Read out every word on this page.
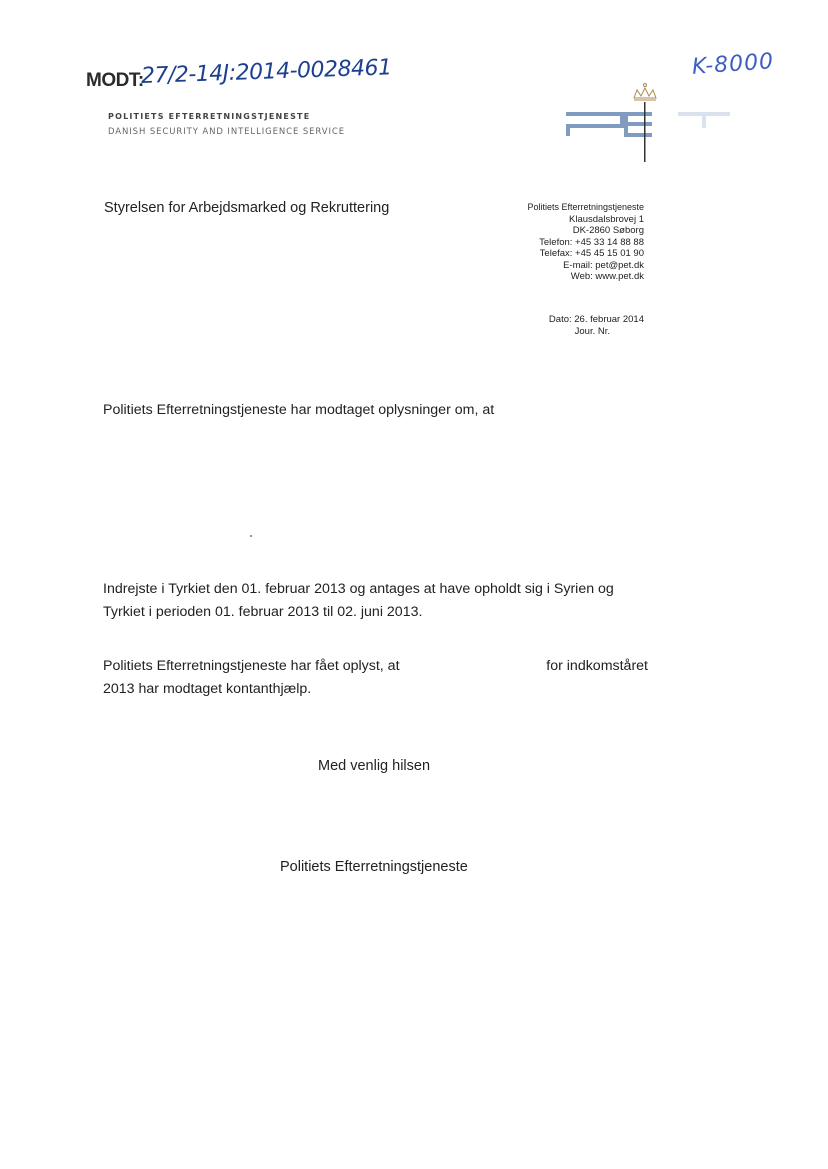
MODT:
27/2-14J:2014-0028461	K-8000
POLITIETS EFTERRETNINGSTJENESTE
DANISH SECURITY AND INTELLIGENCE SERVICE
Styrelsen for Arbejdsmarked og Rekruttering	Politiets Efterretningstjeneste
Klausdalsbrovej 1
DK-2860 Søborg
Telefon: +45 33 14 88 88
Telefax: +45 45 15 01 90
E-mail: pet@pet.dk
Web: www.pet.dk
Dato: 26. februar 2014
Jour. Nr.
Politiets Efterretningstjeneste har modtaget oplysninger om, at
Indrejste i Tyrkiet den 01. februar 2013 og antages at have opholdt sig i Syrien og Tyrkiet i perioden 01. februar 2013 til 02. juni 2013.
Politiets Efterretningstjeneste har fået oplyst, at	for indkomståret
2013 har modtaget kontanthjælp.
Med venlig hilsen
Politiets Efterretningstjeneste
